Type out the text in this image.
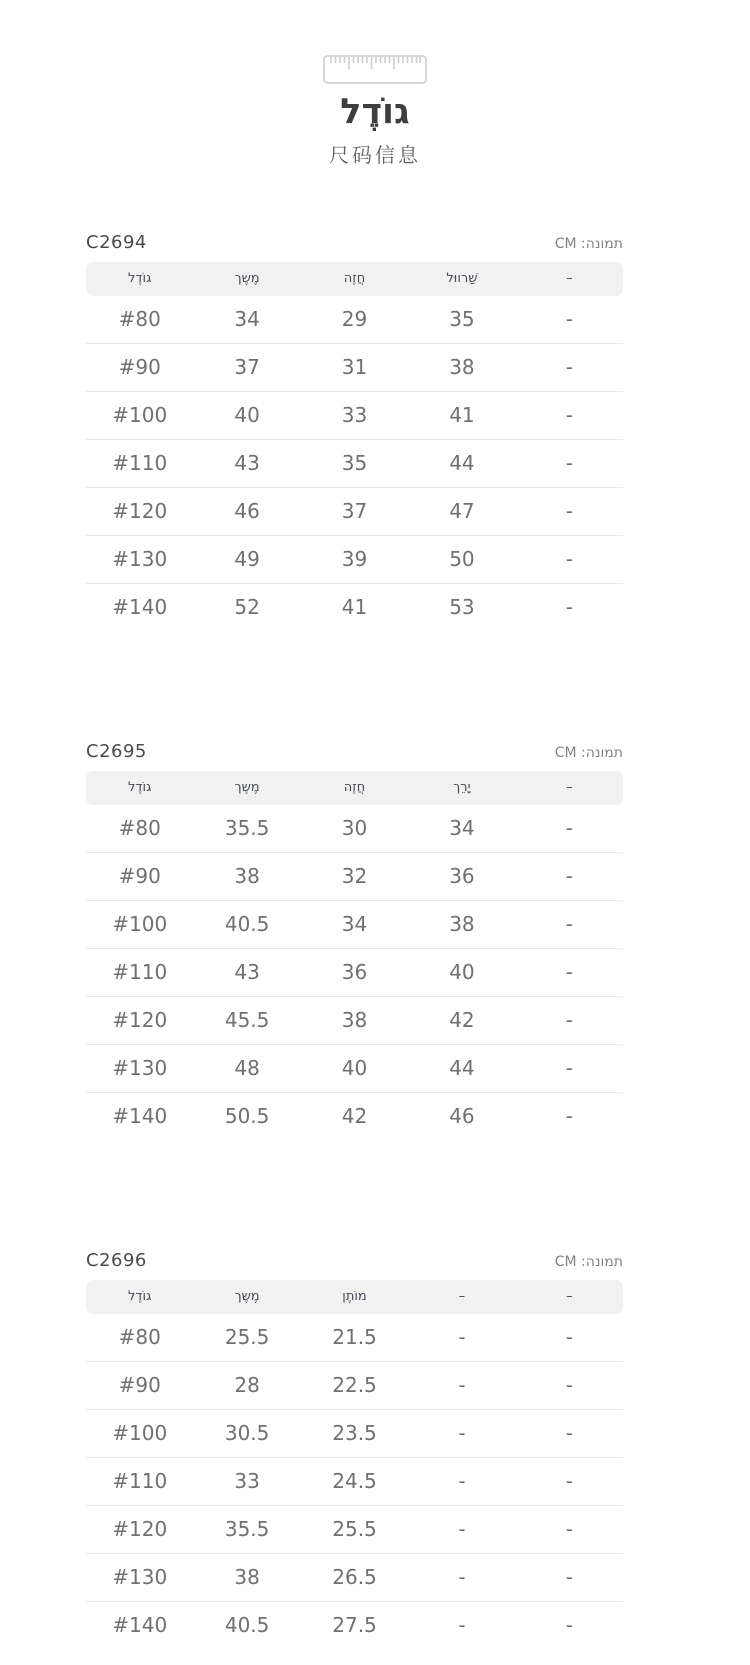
גוֹדֶל
尺码信息
C2694	תמונה: CM
גוֹדֶל	מֶשֶך	חֲזֶה	שַׁרווּל	–
#80	34	29	35	-
#90	37	31	38	-
#100	40	33	41	-
#110	43	35	44	-
#120	46	37	47	-
#130	49	39	50	-
#140	52	41	53	-
C2695	תמונה: CM
גוֹדֶל	מֶשֶך	חֲזֶה	יָרֵך	–
#80	35.5	30	34	-
#90	38	32	36	-
#100	40.5	34	38	-
#110	43	36	40	-
#120	45.5	38	42	-
#130	48	40	44	-
#140	50.5	42	46	-
C2696	תמונה: CM
גוֹדֶל	מֶשֶך	מוֹתֶן	–	–
#80	25.5	21.5	-	-
#90	28	22.5	-	-
#100	30.5	23.5	-	-
#110	33	24.5	-	-
#120	35.5	25.5	-	-
#130	38	26.5	-	-
#140	40.5	27.5	-	-
